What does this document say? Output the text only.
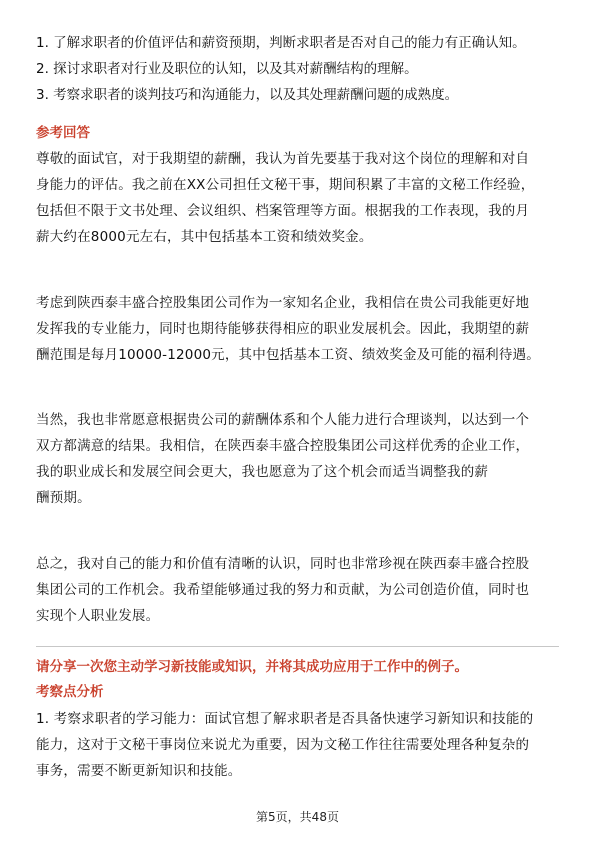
1. 了解求职者的价值评估和薪资预期，判断求职者是否对自己的能力有正确认知。
2. 探讨求职者对行业及职位的认知，以及其对薪酬结构的理解。
3. 考察求职者的谈判技巧和沟通能力，以及其处理薪酬问题的成熟度。
参考回答
尊敬的面试官，对于我期望的薪酬，我认为首先要基于我对这个岗位的理解和对自
身能力的评估。我之前在XX公司担任文秘干事，期间积累了丰富的文秘工作经验，
包括但不限于文书处理、会议组织、档案管理等方面。根据我的工作表现，我的月
薪大约在8000元左右，其中包括基本工资和绩效奖金。
考虑到陕西泰丰盛合控股集团公司作为一家知名企业，我相信在贵公司我能更好地
发挥我的专业能力，同时也期待能够获得相应的职业发展机会。因此，我期望的薪
酬范围是每月10000-12000元，其中包括基本工资、绩效奖金及可能的福利待遇。
当然，我也非常愿意根据贵公司的薪酬体系和个人能力进行合理谈判，以达到一个
双方都满意的结果。我相信，在陕西泰丰盛合控股集团公司这样优秀的企业工作，
我的职业成长和发展空间会更大，我也愿意为了这个机会而适当调整我的薪
酬预期。
总之，我对自己的能力和价值有清晰的认识，同时也非常珍视在陕西泰丰盛合控股
集团公司的工作机会。我希望能够通过我的努力和贡献，为公司创造价值，同时也
实现个人职业发展。
请分享一次您主动学习新技能或知识，并将其成功应用于工作中的例子。
考察点分析
1. 考察求职者的学习能力：面试官想了解求职者是否具备快速学习新知识和技能的
能力，这对于文秘干事岗位来说尤为重要，因为文秘工作往往需要处理各种复杂的
事务，需要不断更新知识和技能。
第5页，共48页
